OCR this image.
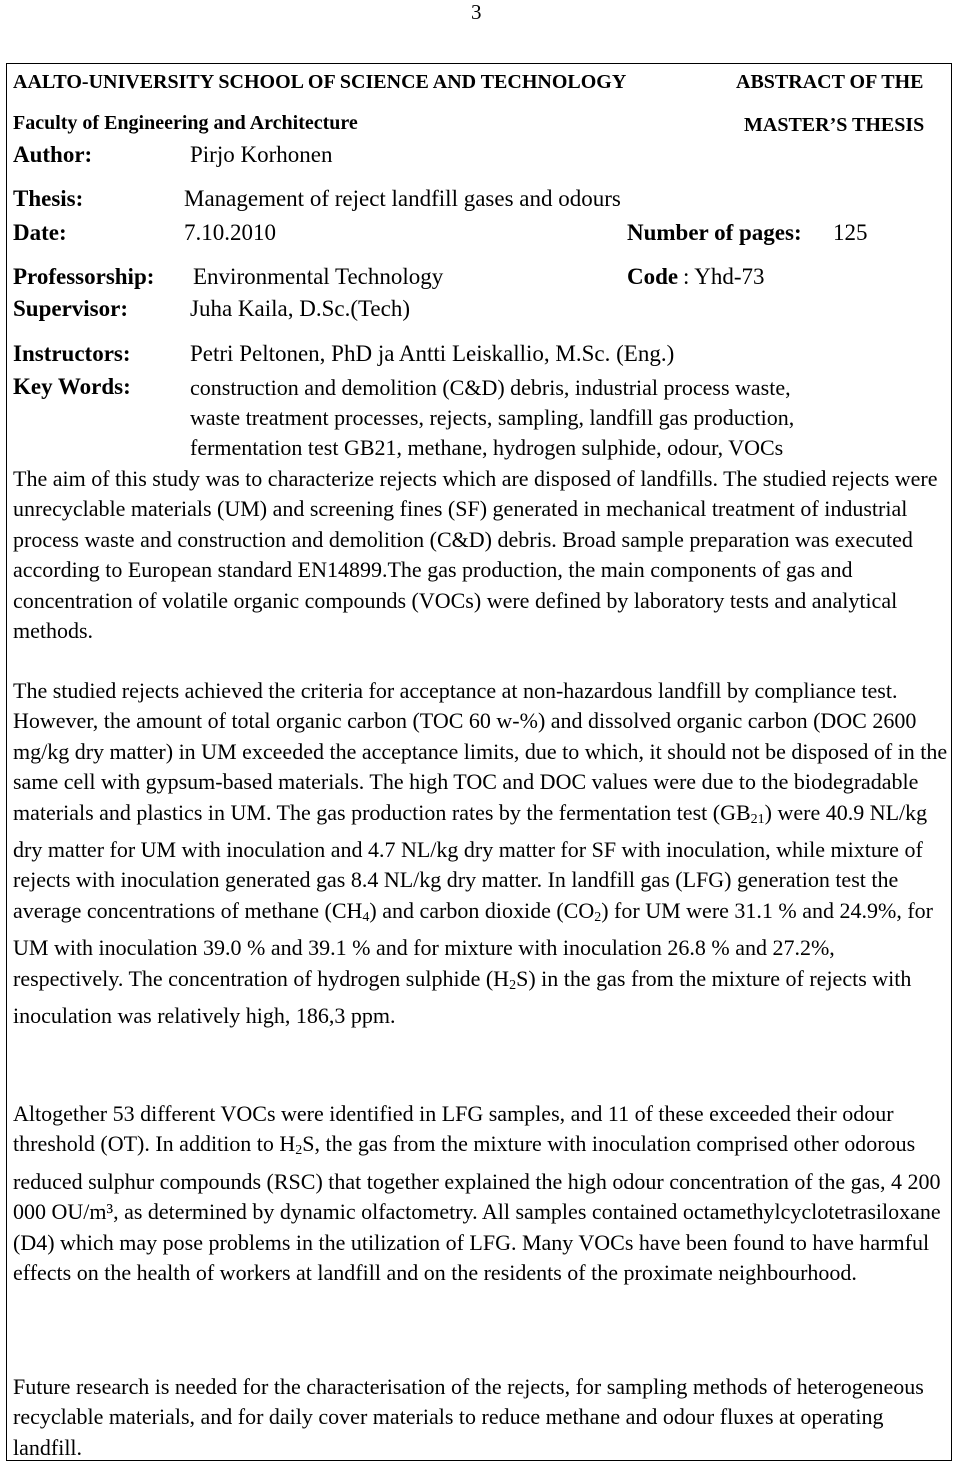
3
AALTO-UNIVERSITY SCHOOL OF SCIENCE AND TECHNOLOGY	ABSTRACT OF THE
Faculty of Engineering and Architecture	MASTER’S THESIS
Author:	Pirjo Korhonen
Thesis:	Management of reject landfill gases and odours
Date:	7.10.2010	Number of pages: 125
Professorship: Environmental Technology	Code : Yhd-73
Supervisor:	Juha Kaila, D.Sc.(Tech)
Instructors:	Petri Peltonen, PhD ja Antti Leiskallio, M.Sc. (Eng.)
Key Words:	construction and demolition (C&D) debris, industrial process waste,
waste treatment processes, rejects, sampling, landfill gas production,
fermentation test GB21, methane, hydrogen sulphide, odour, VOCs
The aim of this study was to characterize rejects which are disposed of landfills. The studied rejects were unrecyclable materials (UM) and screening fines (SF) generated in mechanical treatment of industrial process waste and construction and demolition (C&D) debris. Broad sample preparation was executed according to European standard EN14899.The gas production, the main components of gas and concentration of volatile organic compounds (VOCs) were defined by laboratory tests and analytical methods.
The studied rejects achieved the criteria for acceptance at non-hazardous landfill by compliance test. However, the amount of total organic carbon (TOC 60 w-%) and dissolved organic carbon (DOC 2600 mg/kg dry matter) in UM exceeded the acceptance limits, due to which, it should not be disposed of in the same cell with gypsum-based materials. The high TOC and DOC values were due to the biodegradable materials and plastics in UM. The gas production rates by the fermentation test $(GB_{21})$ were 40.9 NL/kg dry matter for UM with inoculation and 4.7 NL/kg dry matter for SF with inoculation, while mixture of rejects with inoculation generated gas 8.4 NL/kg dry matter. In landfill gas (LFG) generation test the average concentrations of methane $(CH_4)$ and carbon dioxide $(CO_2)$ for UM were 31.1 % and 24.9%, for UM with inoculation 39.0 % and 39.1 % and for mixture with inoculation 26.8 % and 27.2%, respectively. The concentration of hydrogen sulphide $(H_2S)$ in the gas from the mixture of rejects with inoculation was relatively high, 186,3 ppm.
Altogether 53 different VOCs were identified in LFG samples, and 11 of these exceeded their odour threshold (OT). In addition to $H_2S$, the gas from the mixture with inoculation comprised other odorous reduced sulphur compounds (RSC) that together explained the high odour concentration of the gas, 4 200 000 OU/m³, as determined by dynamic olfactometry. All samples contained octamethylcyclotetrasiloxane (D4) which may pose problems in the utilization of LFG. Many VOCs have been found to have harmful effects on the health of workers at landfill and on the residents of the proximate neighbourhood.
Future research is needed for the characterisation of the rejects, for sampling methods of heterogeneous recyclable materials, and for daily cover materials to reduce methane and odour fluxes at operating landfill.
